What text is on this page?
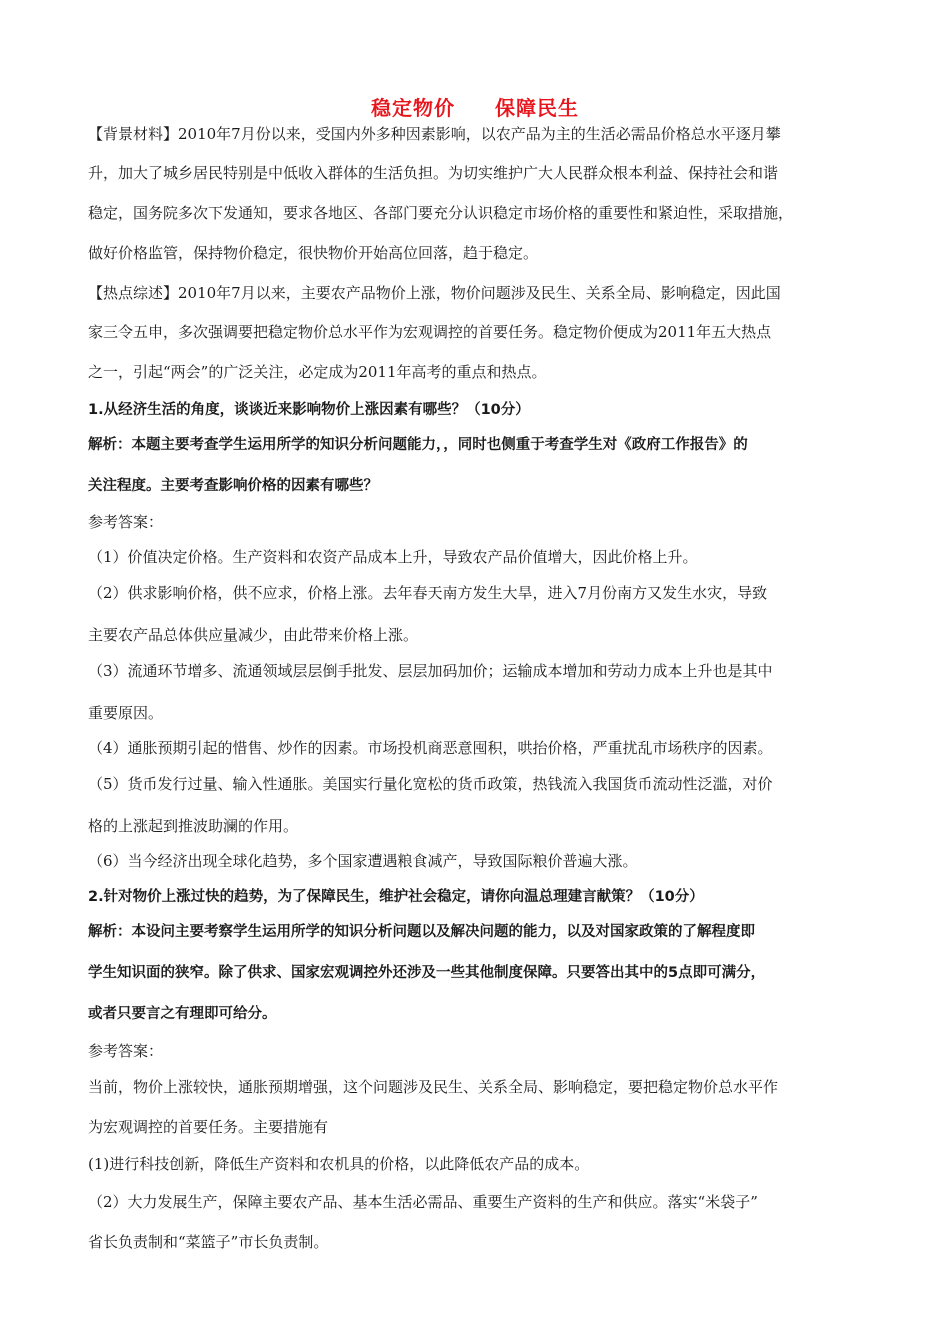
稳定物价 保障民生
【背景材料】2010年7月份以来，受国内外多种因素影响，以农产品为主的生活必需品价格总水平逐月攀
升，加大了城乡居民特别是中低收入群体的生活负担。为切实维护广大人民群众根本利益、保持社会和谐
稳定，国务院多次下发通知，要求各地区、各部门要充分认识稳定市场价格的重要性和紧迫性，采取措施，
做好价格监管，保持物价稳定，很快物价开始高位回落，趋于稳定。
【热点综述】2010年7月以来，主要农产品物价上涨，物价问题涉及民生、关系全局、影响稳定，因此国
家三令五申，多次强调要把稳定物价总水平作为宏观调控的首要任务。稳定物价便成为2011年五大热点
之一，引起“两会”的广泛关注，必定成为2011年高考的重点和热点。
1.从经济生活的角度，谈谈近来影响物价上涨因素有哪些？（10分）
解析：本题主要考查学生运用所学的知识分析问题能力，，同时也侧重于考查学生对《政府工作报告》的
关注程度。主要考查影响价格的因素有哪些？
参考答案：
（1）价值决定价格。生产资料和农资产品成本上升，导致农产品价值增大，因此价格上升。
（2）供求影响价格，供不应求，价格上涨。去年春天南方发生大旱，进入7月份南方又发生水灾，导致
主要农产品总体供应量减少，由此带来价格上涨。
（3）流通环节增多、流通领域层层倒手批发、层层加码加价；运输成本增加和劳动力成本上升也是其中
重要原因。
（4）通胀预期引起的惜售、炒作的因素。市场投机商恶意囤积，哄抬价格，严重扰乱市场秩序的因素。
（5）货币发行过量、输入性通胀。美国实行量化宽松的货币政策，热钱流入我国货币流动性泛滥，对价
格的上涨起到推波助澜的作用。
（6）当今经济出现全球化趋势，多个国家遭遇粮食减产，导致国际粮价普遍大涨。
2.针对物价上涨过快的趋势，为了保障民生，维护社会稳定，请你向温总理建言献策？（10分）
解析：本设问主要考察学生运用所学的知识分析问题以及解决问题的能力，以及对国家政策的了解程度即
学生知识面的狭窄。除了供求、国家宏观调控外还涉及一些其他制度保障。只要答出其中的5点即可满分，
或者只要言之有理即可给分。
参考答案：
当前，物价上涨较快，通胀预期增强，这个问题涉及民生、关系全局、影响稳定，要把稳定物价总水平作
为宏观调控的首要任务。主要措施有
(1)进行科技创新，降低生产资料和农机具的价格，以此降低农产品的成本。
（2）大力发展生产，保障主要农产品、基本生活必需品、重要生产资料的生产和供应。落实“米袋子”
省长负责制和“菜篮子”市长负责制。
